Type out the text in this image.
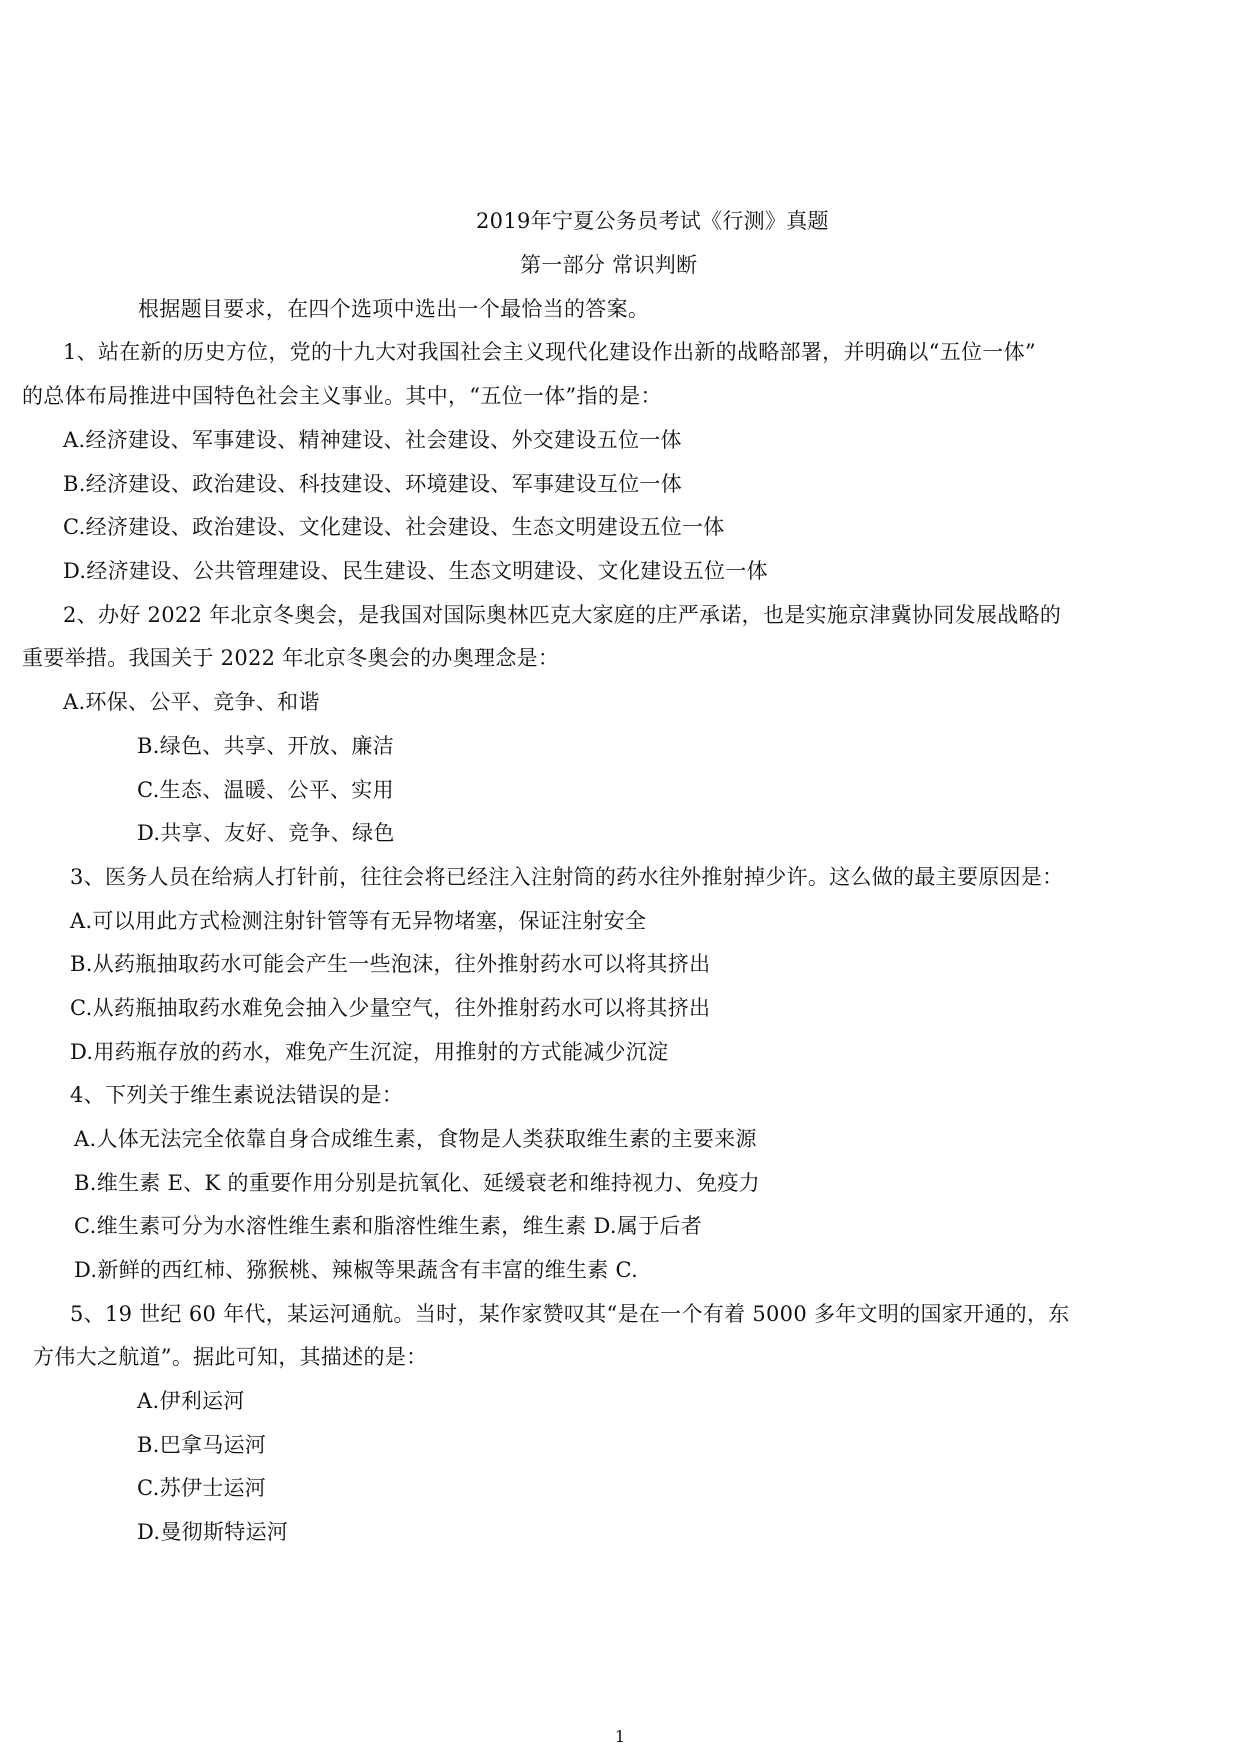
2019年宁夏公务员考试《行测》真题
第一部分 常识判断
根据题目要求，在四个选项中选出一个最恰当的答案。
1、站在新的历史方位，党的十九大对我国社会主义现代化建设作出新的战略部署，并明确以“五位一体”
的总体布局推进中国特色社会主义事业。其中，“五位一体”指的是：
A.经济建设、军事建设、精神建设、社会建设、外交建设五位一体
B.经济建设、政治建设、科技建设、环境建设、军事建设互位一体
C.经济建设、政治建设、文化建设、社会建设、生态文明建设五位一体
D.经济建设、公共管理建设、民生建设、生态文明建设、文化建设五位一体
2、办好 2022 年北京冬奥会，是我国对国际奥林匹克大家庭的庄严承诺，也是实施京津冀协同发展战略的
重要举措。我国关于 2022 年北京冬奥会的办奥理念是：
A.环保、公平、竞争、和谐
B.绿色、共享、开放、廉洁
C.生态、温暖、公平、实用
D.共享、友好、竞争、绿色
3、医务人员在给病人打针前，往往会将已经注入注射筒的药水往外推射掉少许。这么做的最主要原因是：
A.可以用此方式检测注射针管等有无异物堵塞，保证注射安全
B.从药瓶抽取药水可能会产生一些泡沫，往外推射药水可以将其挤出
C.从药瓶抽取药水难免会抽入少量空气，往外推射药水可以将其挤出
D.用药瓶存放的药水，难免产生沉淀，用推射的方式能减少沉淀
4、下列关于维生素说法错误的是：
A.人体无法完全依靠自身合成维生素，食物是人类获取维生素的主要来源
B.维生素 E、K 的重要作用分别是抗氧化、延缓衰老和维持视力、免疫力
C.维生素可分为水溶性维生素和脂溶性维生素，维生素 D.属于后者
D.新鲜的西红柿、猕猴桃、辣椒等果蔬含有丰富的维生素 C.
5、19 世纪 60 年代，某运河通航。当时，某作家赞叹其“是在一个有着 5000 多年文明的国家开通的，东
方伟大之航道”。据此可知，其描述的是：
A.伊利运河
B.巴拿马运河
C.苏伊士运河
D.曼彻斯特运河
1
